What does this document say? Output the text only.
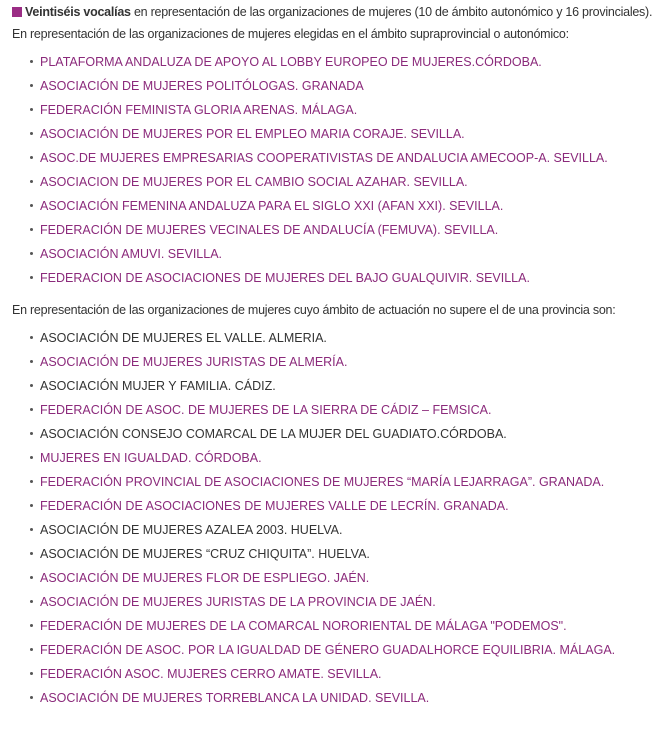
Veintiséis vocalías en representación de las organizaciones de mujeres (10 de ámbito autonómico y 16 provinciales).

En representación de las organizaciones de mujeres elegidas en el ámbito supraprovincial o autonómico:

PLATAFORMA ANDALUZA DE APOYO AL LOBBY EUROPEO DE MUJERES.CÓRDOBA.
ASOCIACIÓN DE MUJERES POLITÓLOGAS. GRANADA
FEDERACIÓN FEMINISTA GLORIA ARENAS. MÁLAGA.
ASOCIACIÓN DE MUJERES POR EL EMPLEO MARIA CORAJE. SEVILLA.
ASOC.DE MUJERES EMPRESARIAS COOPERATIVISTAS DE ANDALUCIA AMECOOP-A. SEVILLA.
ASOCIACION DE MUJERES POR EL CAMBIO SOCIAL AZAHAR. SEVILLA.
ASOCIACIÓN FEMENINA ANDALUZA PARA EL SIGLO XXI (AFAN XXI). SEVILLA.
FEDERACIÓN DE MUJERES VECINALES DE ANDALUCÍA (FEMUVA). SEVILLA.
ASOCIACIÓN AMUVI. SEVILLA.
FEDERACION DE ASOCIACIONES DE MUJERES DEL BAJO GUALQUIVIR. SEVILLA.

En representación de las organizaciones de mujeres cuyo ámbito de actuación no supere el de una provincia son:

ASOCIACIÓN DE MUJERES EL VALLE. ALMERIA.
ASOCIACIÓN DE MUJERES JURISTAS DE ALMERÍA.
ASOCIACIÓN MUJER Y FAMILIA. CÁDIZ.
FEDERACIÓN DE ASOC. DE MUJERES DE LA SIERRA DE CÁDIZ – FEMSICA.
ASOCIACIÓN CONSEJO COMARCAL DE LA MUJER DEL GUADIATO.CÓRDOBA.
MUJERES EN IGUALDAD. CÓRDOBA.
FEDERACIÓN PROVINCIAL DE ASOCIACIONES DE MUJERES “MARÍA LEJARRAGA”. GRANADA.
FEDERACIÓN DE ASOCIACIONES DE MUJERES VALLE DE LECRÍN. GRANADA.
ASOCIACIÓN DE MUJERES AZALEA 2003. HUELVA.
ASOCIACIÓN DE MUJERES “CRUZ CHIQUITA”. HUELVA.
ASOCIACIÓN DE MUJERES FLOR DE ESPLIEGO. JAÉN.
ASOCIACIÓN DE MUJERES JURISTAS DE LA PROVINCIA DE JAÉN.
FEDERACIÓN DE MUJERES DE LA COMARCAL NORORIENTAL DE MÁLAGA "PODEMOS".
FEDERACIÓN DE ASOC. POR LA IGUALDAD DE GÉNERO GUADALHORCE EQUILIBRIA. MÁLAGA.
FEDERACIÓN ASOC. MUJERES CERRO AMATE. SEVILLA.
ASOCIACIÓN DE MUJERES TORREBLANCA LA UNIDAD. SEVILLA.
